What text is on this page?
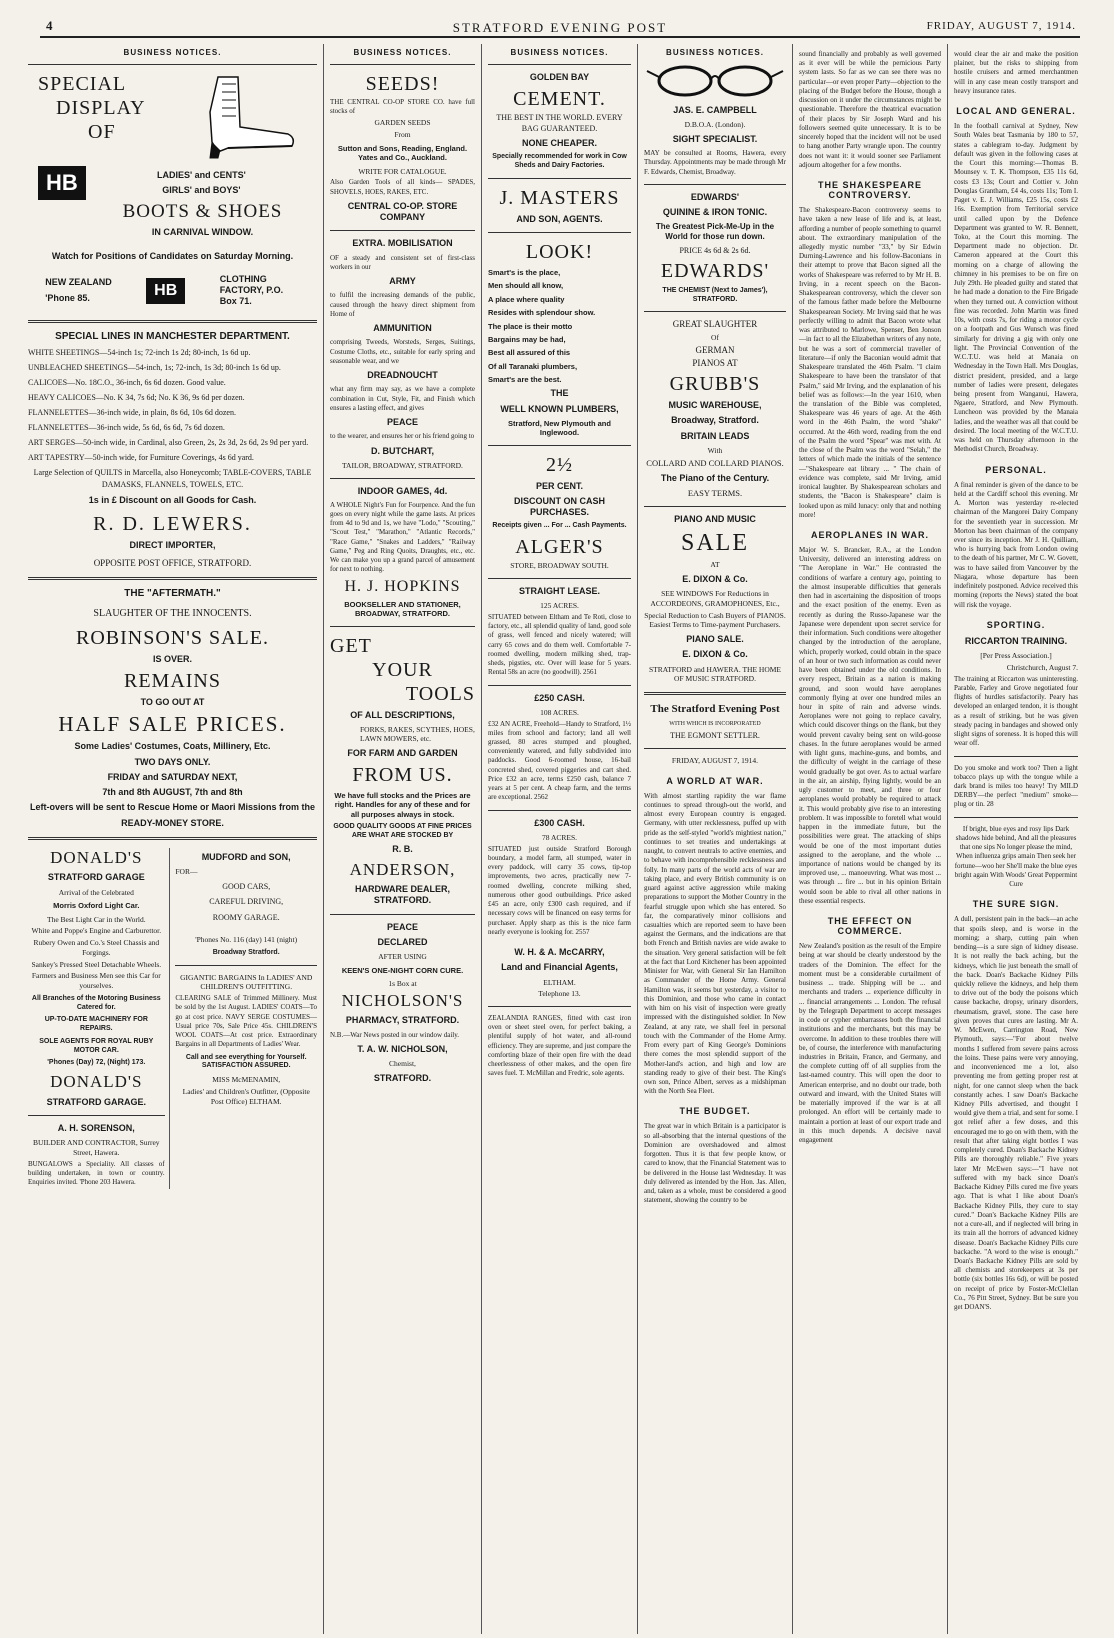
4	STRATFORD EVENING POST	FRIDAY, AUGUST 7, 1914.
BUSINESS NOTICES.
SPECIAL
DISPLAY
OF
HB	LADIES' and CENTS'
GIRLS' and BOYS'
BOOTS & SHOES
IN CARNIVAL WINDOW.
Watch for Positions of Candidates on Saturday Morning.
NEW ZEALAND
'Phone 85.	HB
CLOTHING FACTORY, P.O. Box 71.
SPECIAL LINES IN MANCHESTER DEPARTMENT.
WHITE SHEETINGS—54-inch 1s; 72-inch 1s 2d; 80-inch, 1s 6d up.
UNBLEACHED SHEETINGS—54-inch, 1s; 72-inch, 1s 3d; 80-inch 1s 6d up.
CALICOES—No. 18C.O., 36-inch, 6s 6d dozen. Good value.
HEAVY CALICOES—No. K 34, 7s 6d; No. K 36, 9s 6d per dozen.
FLANNELETTES—36-inch wide, in plain, 8s 6d, 10s 6d dozen.
FLANNELETTES—36-inch wide, 5s 6d, 6s 6d, 7s 6d dozen.
ART SERGES—50-inch wide, in Cardinal, also Green, 2s, 2s 3d, 2s 6d, 2s 9d per yard.
ART TAPESTRY—50-inch wide, for Furniture Coverings, 4s 6d yard.
Large Selection of QUILTS in Marcella, also Honeycomb; TABLE-COVERS, TABLE DAMASKS, FLANNELS, TOWELS, ETC.
1s in £ Discount on all Goods for Cash.
R. D. LEWERS.
DIRECT IMPORTER,
OPPOSITE POST OFFICE, STRATFORD.
THE "AFTERMATH."
SLAUGHTER OF THE INNOCENTS.
ROBINSON'S SALE.
IS OVER.
REMAINS
TO GO OUT AT
HALF SALE PRICES.
Some Ladies' Costumes, Coats, Millinery, Etc.
TWO DAYS ONLY.
FRIDAY and SATURDAY NEXT,
7th and 8th AUGUST, 7th and 8th
Left-overs will be sent to Rescue Home or Maori Missions from the
READY-MONEY STORE.
DONALD'S
STRATFORD GARAGE
Arrival of the Celebrated
Morris Oxford Light Car.
The Best Light Car in the World.
White and Poppe's Engine and Carburettor.
Rubery Owen and Co.'s Steel Chassis and Forgings.
Sankey's Pressed Steel Detachable Wheels.
Farmers and Business Men see this Car for yourselves.
All Branches of the Motoring Business Catered for.
UP-TO-DATE MACHINERY FOR REPAIRS.
SOLE AGENTS FOR ROYAL RUBY MOTOR CAR.
'Phones (Day) 72, (Night) 173.
DONALD'S
STRATFORD GARAGE.
A. H. SORENSON,
BUILDER AND CONTRACTOR, Surrey Street, Hawera.
BUNGALOWS a Speciality. All classes of building undertaken, in town or country. Enquiries invited. 'Phone 203 Hawera.
MUDFORD and SON,
FOR—
GOOD CARS,
CAREFUL DRIVING,
ROOMY GARAGE.
'Phones No. 116 (day) 141 (night)
Broadway Stratford.
GIGANTIC BARGAINS In LADIES' AND CHILDREN'S OUTFITTING.
CLEARING SALE of Trimmed Millinery. Must be sold by the 1st August. LADIES' COATS—To go at cost price. NAVY SERGE COSTUMES—Usual price 70s, Sale Price 45s. CHILDREN'S WOOL COATS—At cost price. Extraordinary Bargains in all Departments of Ladies' Wear.
Call and see everything for Yourself. SATISFACTION ASSURED.
MISS McMENAMIN,
Ladies' and Children's Outfitter, (Opposite Post Office) ELTHAM.
BUSINESS NOTICES.
SEEDS!
THE CENTRAL CO-OP STORE CO. have full stocks of
GARDEN SEEDS
From
Sutton and Sons, Reading, England. Yates and Co., Auckland.
WRITE FOR CATALOGUE.
Also Garden Tools of all kinds— SPADES, SHOVELS, HOES, RAKES, ETC.
CENTRAL CO-OP. STORE COMPANY
EXTRA. MOBILISATION
OF a steady and consistent set of first-class workers in our
ARMY
to fulfil the increasing demands of the public, caused through the heavy direct shipment from Home of
AMMUNITION
comprising Tweeds, Worsteds, Serges, Suitings, Costume Cloths, etc., suitable for early spring and seasonable wear, and we
DREADNOUCHT
what any firm may say, as we have a complete combination in Cut, Style, Fit, and Finish which ensures a lasting effect, and gives
PEACE
to the wearer, and ensures her or his friend going to
D. BUTCHART,
TAILOR, BROADWAY, STRATFORD.
INDOOR GAMES, 4d.
A WHOLE Night's Fun for Fourpence. And the fun goes on every night while the game lasts. At prices from 4d to 9d and 1s, we have "Lodo," "Scouting," "Scout Test," "Marathon," "Atlantic Records," "Race Game," "Snakes and Ladders," "Railway Game," Peg and Ring Quoits, Draughts, etc., etc. We can make you up a grand parcel of amusement for next to nothing.
H. J. HOPKINS
BOOKSELLER AND STATIONER, BROADWAY, STRATFORD.
GET
YOUR
TOOLS
OF ALL DESCRIPTIONS,
FORKS, RAKES, SCYTHES, HOES, LAWN MOWERS, etc.
FOR FARM AND GARDEN
FROM US.
We have full stocks and the Prices are right. Handles for any of these and for all purposes always in stock.
GOOD QUALITY GOODS AT FINE PRICES ARE WHAT ARE STOCKED BY
R. B.
ANDERSON,
HARDWARE DEALER, STRATFORD.
PEACE
DECLARED
AFTER USING
KEEN'S ONE-NIGHT CORN CURE.
1s Box at
NICHOLSON'S
PHARMACY, STRATFORD.
N.B.—War News posted in our window daily.
T. A. W. NICHOLSON,
Chemist,
STRATFORD.
BUSINESS NOTICES.
GOLDEN BAY
CEMENT.
THE BEST IN THE WORLD. EVERY BAG GUARANTEED.
NONE CHEAPER.
Specially recommended for work in Cow Sheds and Dairy Factories.
J. MASTERS
AND SON, AGENTS.
LOOK!
Smart's is the place,
Men should all know,
A place where quality
Resides with splendour show.
The place is their motto
Bargains may be had,
Best all assured of this
Of all Taranaki plumbers,
Smart's are the best.
THE
WELL KNOWN PLUMBERS,
Stratford, New Plymouth and Inglewood.
2½
PER CENT.
DISCOUNT ON CASH PURCHASES.
Receipts given ... For ... Cash Payments.
ALGER'S
STORE, BROADWAY SOUTH.
STRAIGHT LEASE.
125 ACRES.
SITUATED between Eltham and Te Roti, close to factory, etc., all splendid quality of land, good sole of grass, well fenced and nicely watered; will carry 65 cows and do them well. Comfortable 7-roomed dwelling, modern milking shed, trap-sheds, pigsties, etc. Over will lease for 5 years. Rental 58s an acre (no goodwill). 2561
£250 CASH.
108 ACRES.
£32 AN ACRE, Freehold—Handy to Stratford, 1½ miles from school and factory; land all well grassed, 80 acres stumped and ploughed, conveniently watered, and fully subdivided into paddocks. Good 6-roomed house, 16-bail concreted shed, covered piggeries and cart shed. Price £32 an acre, terms £250 cash, balance 7 years at 5 per cent. A cheap farm, and the terms are exceptional. 2562
£300 CASH.
78 ACRES.
SITUATED just outside Stratford Borough boundary, a model farm, all stumped, water in every paddock, will carry 35 cows, tip-top improvements, two acres, practically new 7-roomed dwelling, concrete milking shed, numerous other good outbuildings. Price asked £45 an acre, only £300 cash required, and if necessary cows will be financed on easy terms for purchaser. Apply sharp as this is the nice farm nearly everyone is looking for. 2557
W. H. & A. McCARRY,
Land and Financial Agents,
ELTHAM.
Telephone 13.
ZEALANDIA RANGES, fitted with cast iron oven or sheet steel oven, for perfect baking, a plentiful supply of hot water, and all-round efficiency. They are supreme, and just compare the comforting blaze of their open fire with the dead cheerlessness of other makes, and the open fire saves fuel. T. McMillan and Fredric, sole agents.
BUSINESS NOTICES.
JAS. E. CAMPBELL
D.B.O.A. (London).
SIGHT SPECIALIST.
MAY be consulted at Rooms, Hawera, every Thursday. Appointments may be made through Mr F. Edwards, Chemist, Broadway.
EDWARDS'
QUININE & IRON TONIC.
The Greatest Pick-Me-Up in the World for those run down.
PRICE 4s 6d & 2s 6d.
EDWARDS'
THE CHEMIST (Next to James'), STRATFORD.
GREAT SLAUGHTER
Of
GERMAN
PIANOS AT
GRUBB'S
MUSIC WAREHOUSE,
Broadway, Stratford.
BRITAIN LEADS
With
COLLARD AND COLLARD PIANOS.
The Piano of the Century.
EASY TERMS.
PIANO AND MUSIC
SALE
AT
E. DIXON & Co.
SEE WINDOWS For Reductions in ACCORDEONS, GRAMOPHONES, Etc.,
Special Reduction to Cash Buyers of PIANOS. Easiest Terms to Time-payment Purchasers.
PIANO SALE.
E. DIXON & Co.
STRATFORD and HAWERA. THE HOME OF MUSIC STRATFORD.
The Stratford Evening Post
WITH WHICH IS INCORPORATED
THE EGMONT SETTLER.
FRIDAY, AUGUST 7, 1914.
A WORLD AT WAR.
With almost startling rapidity the war flame continues to spread through-out the world, and almost every European country is engaged. Germany, with utter recklessness, puffed up with pride as the self-styled "world's mightiest nation," continues to set treaties and undertakings at naught, to convert neutrals to active enemies, and to behave with incomprehensible recklessness and folly. In many parts of the world acts of war are taking place, and every British community is on guard against active aggression while making preparations to support the Mother Country in the fearful struggle upon which she has entered. So far, the comparatively minor collisions and casualties which are reported seem to have been against the Germans, and the indications are that both French and British navies are wide awake to the situation. Very general satisfaction will be felt at the fact that Lord Kitchener has been appointed Minister for War, with General Sir Ian Hamilton as Commander of the Home Army. General Hamilton was, it seems but yesterday, a visitor to this Dominion, and those who came in contact with him on his visit of inspection were greatly impressed with the distinguished soldier. In New Zealand, at any rate, we shall feel in personal touch with the Commander of the Home Army. From every part of King George's Dominions there comes the most splendid support of the Mother-land's action, and high and low are standing ready to give of their best. The King's own son, Prince Albert, serves as a midshipman with the North Sea Fleet.
THE BUDGET.
The great war in which Britain is a participator is so all-absorbing that the internal questions of the Dominion are overshadowed and almost forgotten. Thus it is that few people know, or cared to know, that the Financial Statement was to be delivered in the House last Wednesday. It was duly delivered as intended by the Hon. Jas. Allen, and, taken as a whole, must be considered a good statement, showing the country to be
sound financially and probably as well governed as it ever will be while the pernicious Party system lasts. So far as we can see there was no particular—or even proper Party—objection to the placing of the Budget before the House, though a discussion on it under the circumstances might be questionable. Therefore the theatrical evacuation of their places by Sir Joseph Ward and his followers seemed quite unnecessary. It is to be sincerely hoped that the incident will not be used to hang another Party wrangle upon. The country does not want it: it would sooner see Parliament adjourn altogether for a few months.
THE SHAKESPEARE CONTROVERSY.
The Shakespeare-Bacon controversy seems to have taken a new lease of life and is, at least, affording a number of people something to quarrel about. The extraordinary manipulation of the allegedly mystic number "33," by Sir Edwin Durning-Lawrence and his follow-Baconians in their attempt to prove that Bacon signed all the works of Shakespeare was referred to by Mr H. B. Irving, in a recent speech on the Bacon-Shakespearean controversy, which the clever son of the famous father made before the Melbourne Shakespearean Society. Mr Irving said that he was perfectly willing to admit that Bacon wrote what was attributed to Marlowe, Spenser, Ben Jonson—in fact to all the Elizabethan writers of any note, but he was a sort of commercial traveller of literature—if only the Baconian would admit that Shakespeare translated the 46th Psalm. "I claim Shakespeare to have been the translator of that Psalm," said Mr Irving, and the explanation of his belief was as follows:—In the year 1610, when the translation of the Bible was completed, Shakespeare was 46 years of age. At the 46th word in the 46th Psalm, the word "shake" occurred. At the 46th word, reading from the end of the Psalm the word "Spear" was met with. At the close of the Psalm was the word "Selah," the letters of which made the initials of the sentence—"Shakespeare eat library ... " The chain of evidence was complete, said Mr Irving, amid ironical laughter. By Shakespearean scholars and students, the "Bacon is Shakespeare" claim is looked upon as mild lunacy: only that and nothing more!
AEROPLANES IN WAR.
Major W. S. Brancker, R.A., at the London University, delivered an interesting address on "The Aeroplane in War." He contrasted the conditions of warfare a century ago, pointing to the almost insuperable difficulties that generals then had in ascertaining the disposition of troops and the exact position of the enemy. Even as recently as during the Russo-Japanese war the Japanese were dependent upon secret service for their information. Such conditions were altogether changed by the introduction of the aeroplane, which, properly worked, could obtain in the space of an hour or two such information as could never have been obtained under the old conditions. In every respect, Britain as a nation is making ground, and soon would have aeroplanes commonly flying at over one hundred miles an hour in spite of rain and adverse winds. Aeroplanes were not going to replace cavalry, which could discover things on the flank, but they would prevent cavalry being sent on wild-goose chases. In the future aeroplanes would be armed with light guns, machine-guns, and bombs, and the difficulty of weight in the carriage of these would gradually be got over. As to actual warfare in the air, an airship, flying lightly, would be an ugly customer to meet, and three or four aeroplanes would probably be required to attack it. This would probably give rise to an interesting problem. It was impossible to foretell what would happen in the immediate future, but the possibilities were great. The attacking of ships would be one of the most important duties assigned to the aeroplane, and the whole ... importance of nations would be changed by its improved use, ... manoeuvring. What was most ... was through ... fire ... but in his opinion Britain would soon be able to rival all other nations in these essential respects.
THE EFFECT ON COMMERCE.
New Zealand's position as the result of the Empire being at war should be clearly understood by the traders of the Dominion. The effect for the moment must be a considerable curtailment of business ... trade. Shipping will be ... and merchants and traders ... experience difficulty in ... financial arrangements ... London. The refusal by the Telegraph Department to accept messages in code or cypher embarrasses both the financial institutions and the merchants, but this may be overcome. In addition to these troubles there will be, of course, the interference with manufacturing industries in Britain, France, and Germany, and the complete cutting off of all supplies from the last-named country. This will open the door to American enterprise, and no doubt our trade, both outward and inward, with the United States will be materially improved if the war is at all prolonged. An effort will be certainly made to maintain a portion at least of our export trade and in this much depends. A decisive naval engagement
would clear the air and make the position plainer, but the risks to shipping from hostile cruisers and armed merchantmen will in any case mean costly transport and heavy insurance rates.
LOCAL AND GENERAL.
In the football carnival at Sydney, New South Wales beat Tasmania by 180 to 57, states a cablegram to-day. Judgment by default was given in the following cases at the Court this morning:—Thomas B. Mounsey v. T. K. Thompson, £35 11s 6d, costs £3 13s; Court and Cottier v. John Douglas Grantham, £4 4s, costs 11s; Tom I. Paget v. E. J. Williams, £25 15s, costs £2 16s. Exemption from Territorial service until called upon by the Defence Department was granted to W. R. Bennett, Toko, at the Court this morning. The Department made no objection. Dr. Cameron appeared at the Court this morning on a charge of allowing the chimney in his premises to be on fire on July 29th. He pleaded guilty and stated that he had made a donation to the Fire Brigade when they turned out. A conviction without fine was recorded. John Martin was fined 10s, with costs 7s, for riding a motor cycle on a footpath and Gus Wunsch was fined similarly for driving a gig with only one light. The Provincial Convention of the W.C.T.U. was held at Manaia on Wednesday in the Town Hall. Mrs Douglas, district president, presided, and a large number of ladies were present, delegates being present from Wanganui, Hawera, Ngaere, Stratford, and New Plymouth. Luncheon was provided by the Manaia ladies, and the weather was all that could be desired. The local meeting of the W.C.T.U. was held on Thursday afternoon in the Methodist Church, Broadway.
PERSONAL.
A final reminder is given of the dance to be held at the Cardiff school this evening. Mr A. Morton was yesterday re-elected chairman of the Mangorei Dairy Company for the seventieth year in succession. Mr Morton has been chairman of the company ever since its inception. Mr J. H. Quilliam, who is hurrying back from London owing to the death of his partner, Mr C. W. Govett, was to have sailed from Vancouver by the Niagara, whose departure has been indefinitely postponed. Advice received this morning (reports the News) stated the boat will risk the voyage.
SPORTING.
RICCARTON TRAINING.
[Per Press Association.]
Christchurch, August 7.
The training at Riccarton was uninteresting. Parable, Farley and Grove negotiated four flights of hurdles satisfactorily. Peary has developed an enlarged tendon, it is thought as a result of striking, but he was given steady pacing in bandages and showed only slight signs of soreness. It is hoped this will wear off.
Do you smoke and work too? Then a light tobacco plays up with the tongue while a dark brand is miles too heavy! Try MILD DERBY—the perfect "medium" smoke—plug or tin. 28
If bright, blue eyes and rosy lips Dark shadows hide behind, And all the pleasures that one sips No longer please the mind, When influenza grips amain Then seek her fortune—woo her She'll make the blue eyes bright again With Woods' Great Peppermint Cure
THE SURE SIGN.
A dull, persistent pain in the back—an ache that spoils sleep, and is worse in the morning; a sharp, cutting pain when bending—is a sure sign of kidney disease. It is not really the back aching, but the kidneys, which lie just beneath the small of the back. Doan's Backache Kidney Pills quickly relieve the kidneys, and help them to drive out of the body the poisons which cause backache, dropsy, urinary disorders, rheumatism, gravel, stone. The case here given proves that cures are lasting. Mr A. W. McEwen, Carrington Road, New Plymouth, says:—"For about twelve months I suffered from severe pains across the loins. These pains were very annoying, and inconvenienced me a lot, also preventing me from getting proper rest at night, for one cannot sleep when the back constantly aches. I saw Doan's Backache Kidney Pills advertised, and thought I would give them a trial, and sent for some. I got relief after a few doses, and this encouraged me to go on with them, with the result that after taking eight bottles I was completely cured. Doan's Backache Kidney Pills are thoroughly reliable." Five years later Mr McEwen says:—"I have not suffered with my back since Doan's Backache Kidney Pills cured me five years ago. That is what I like about Doan's Backache Kidney Pills, they cure to stay cured." Doan's Backache Kidney Pills are not a cure-all, and if neglected will bring in its train all the horrors of advanced kidney disease. Doan's Backache Kidney Pills cure backache. "A word to the wise is enough." Doan's Backache Kidney Pills are sold by all chemists and storekeepers at 3s per bottle (six bottles 16s 6d), or will be posted on receipt of price by Foster-McClellan Co., 76 Pitt Street, Sydney. But be sure you get DOAN'S.
